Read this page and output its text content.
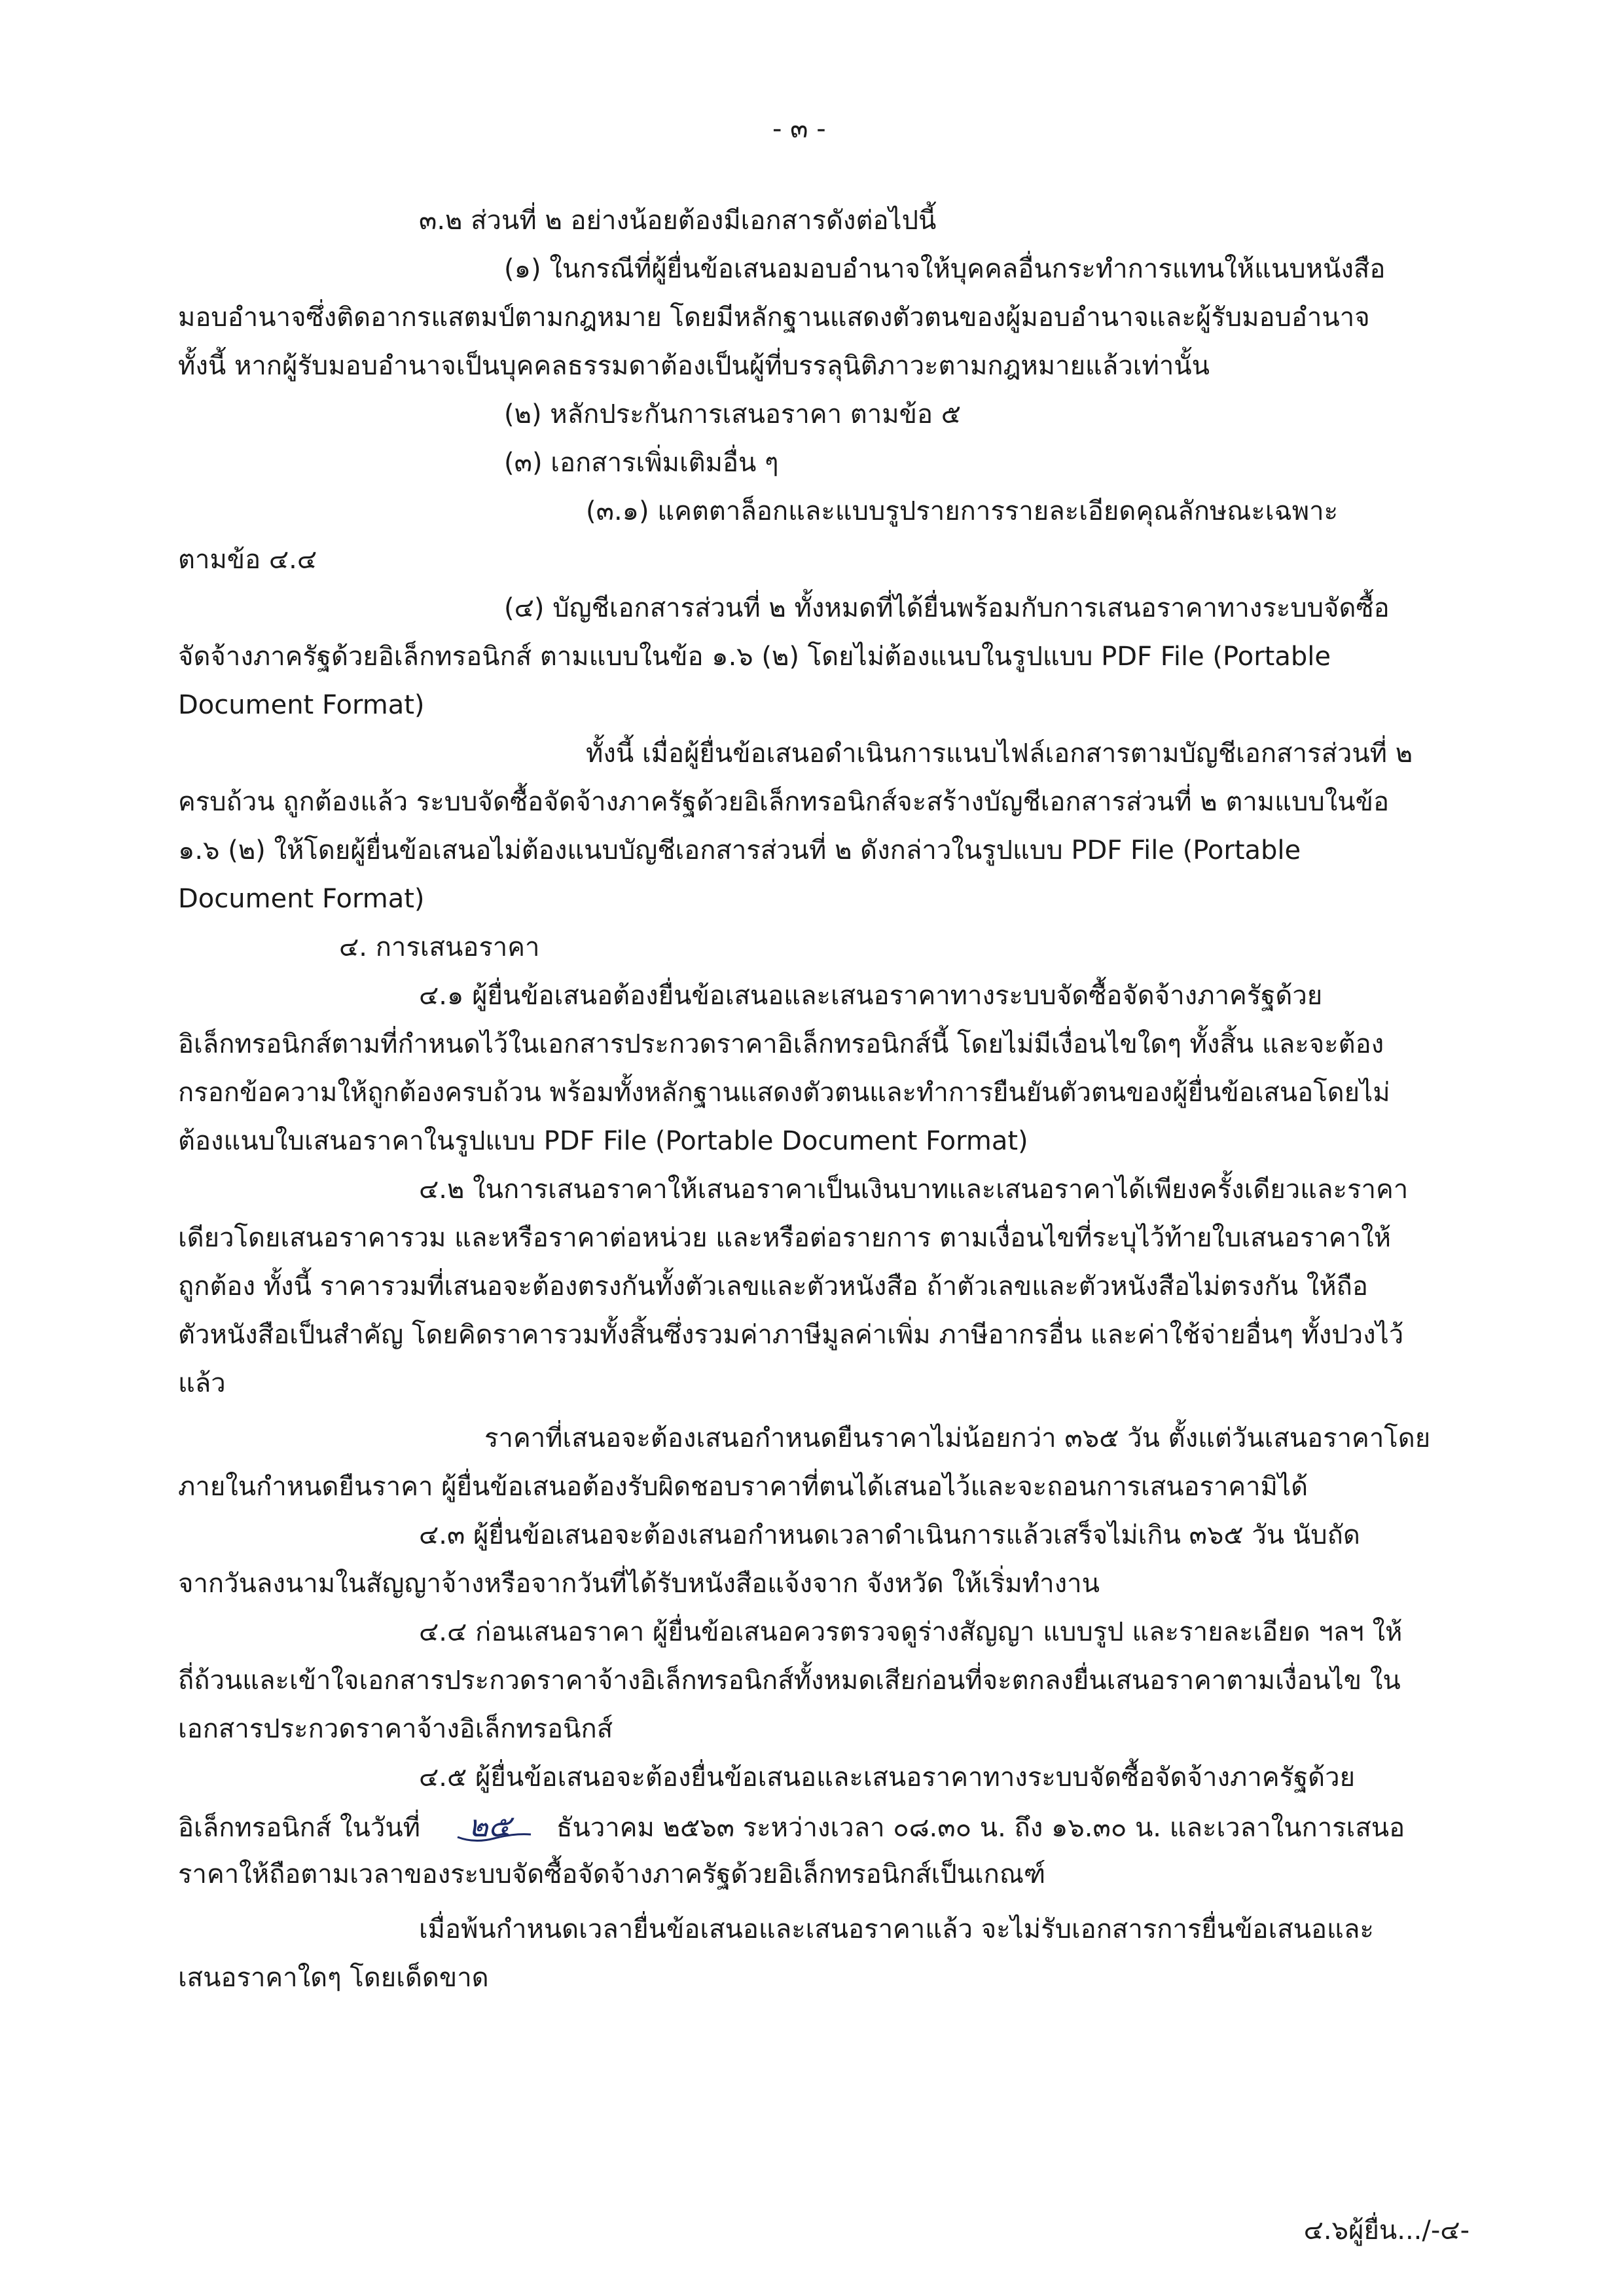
- ๓ -
๓.๒ ส่วนที่ ๒ อย่างน้อยต้องมีเอกสารดังต่อไปนี้
(๑) ในกรณีที่ผู้ยื่นข้อเสนอมอบอำนาจให้บุคคลอื่นกระทำการแทนให้แนบหนังสือ
มอบอำนาจซึ่งติดอากรแสตมป์ตามกฎหมาย โดยมีหลักฐานแสดงตัวตนของผู้มอบอำนาจและผู้รับมอบอำนาจ
ทั้งนี้ หากผู้รับมอบอำนาจเป็นบุคคลธรรมดาต้องเป็นผู้ที่บรรลุนิติภาวะตามกฎหมายแล้วเท่านั้น
(๒) หลักประกันการเสนอราคา ตามข้อ ๕
(๓) เอกสารเพิ่มเติมอื่น ๆ
(๓.๑) แคตตาล็อกและแบบรูปรายการรายละเอียดคุณลักษณะเฉพาะ
ตามข้อ ๔.๔
(๔) บัญชีเอกสารส่วนที่ ๒ ทั้งหมดที่ได้ยื่นพร้อมกับการเสนอราคาทางระบบจัดซื้อ
จัดจ้างภาครัฐด้วยอิเล็กทรอนิกส์ ตามแบบในข้อ ๑.๖ (๒) โดยไม่ต้องแนบในรูปแบบ PDF File (Portable
Document Format)
ทั้งนี้ เมื่อผู้ยื่นข้อเสนอดำเนินการแนบไฟล์เอกสารตามบัญชีเอกสารส่วนที่ ๒
ครบถ้วน ถูกต้องแล้ว ระบบจัดซื้อจัดจ้างภาครัฐด้วยอิเล็กทรอนิกส์จะสร้างบัญชีเอกสารส่วนที่ ๒ ตามแบบในข้อ
๑.๖ (๒) ให้โดยผู้ยื่นข้อเสนอไม่ต้องแนบบัญชีเอกสารส่วนที่ ๒ ดังกล่าวในรูปแบบ PDF File (Portable
Document Format)
๔. การเสนอราคา
๔.๑ ผู้ยื่นข้อเสนอต้องยื่นข้อเสนอและเสนอราคาทางระบบจัดซื้อจัดจ้างภาครัฐด้วย
อิเล็กทรอนิกส์ตามที่กำหนดไว้ในเอกสารประกวดราคาอิเล็กทรอนิกส์นี้ โดยไม่มีเงื่อนไขใดๆ ทั้งสิ้น และจะต้อง
กรอกข้อความให้ถูกต้องครบถ้วน พร้อมทั้งหลักฐานแสดงตัวตนและทำการยืนยันตัวตนของผู้ยื่นข้อเสนอโดยไม่
ต้องแนบใบเสนอราคาในรูปแบบ PDF File (Portable Document Format)
๔.๒ ในการเสนอราคาให้เสนอราคาเป็นเงินบาทและเสนอราคาได้เพียงครั้งเดียวและราคา
เดียวโดยเสนอราคารวม และหรือราคาต่อหน่วย และหรือต่อรายการ ตามเงื่อนไขที่ระบุไว้ท้ายใบเสนอราคาให้
ถูกต้อง ทั้งนี้ ราคารวมที่เสนอจะต้องตรงกันทั้งตัวเลขและตัวหนังสือ ถ้าตัวเลขและตัวหนังสือไม่ตรงกัน ให้ถือ
ตัวหนังสือเป็นสำคัญ โดยคิดราคารวมทั้งสิ้นซึ่งรวมค่าภาษีมูลค่าเพิ่ม ภาษีอากรอื่น และค่าใช้จ่ายอื่นๆ ทั้งปวงไว้
แล้ว
ราคาที่เสนอจะต้องเสนอกำหนดยืนราคาไม่น้อยกว่า ๓๖๕ วัน ตั้งแต่วันเสนอราคาโดย
ภายในกำหนดยืนราคา ผู้ยื่นข้อเสนอต้องรับผิดชอบราคาที่ตนได้เสนอไว้และจะถอนการเสนอราคามิได้
๔.๓ ผู้ยื่นข้อเสนอจะต้องเสนอกำหนดเวลาดำเนินการแล้วเสร็จไม่เกิน ๓๖๕ วัน นับถัด
จากวันลงนามในสัญญาจ้างหรือจากวันที่ได้รับหนังสือแจ้งจาก จังหวัด ให้เริ่มทำงาน
๔.๔ ก่อนเสนอราคา ผู้ยื่นข้อเสนอควรตรวจดูร่างสัญญา แบบรูป และรายละเอียด ฯลฯ ให้
ถี่ถ้วนและเข้าใจเอกสารประกวดราคาจ้างอิเล็กทรอนิกส์ทั้งหมดเสียก่อนที่จะตกลงยื่นเสนอราคาตามเงื่อนไข ใน
เอกสารประกวดราคาจ้างอิเล็กทรอนิกส์
๔.๕ ผู้ยื่นข้อเสนอจะต้องยื่นข้อเสนอและเสนอราคาทางระบบจัดซื้อจัดจ้างภาครัฐด้วย
อิเล็กทรอนิกส์ ในวันที่ ๒๕ ธันวาคม ๒๕๖๓ ระหว่างเวลา ๐๘.๓๐ น. ถึง ๑๖.๓๐ น. และเวลาในการเสนอ
ราคาให้ถือตามเวลาของระบบจัดซื้อจัดจ้างภาครัฐด้วยอิเล็กทรอนิกส์เป็นเกณฑ์
เมื่อพ้นกำหนดเวลายื่นข้อเสนอและเสนอราคาแล้ว จะไม่รับเอกสารการยื่นข้อเสนอและ
เสนอราคาใดๆ โดยเด็ดขาด
๔.๖ผู้ยื่น.../-๔-
